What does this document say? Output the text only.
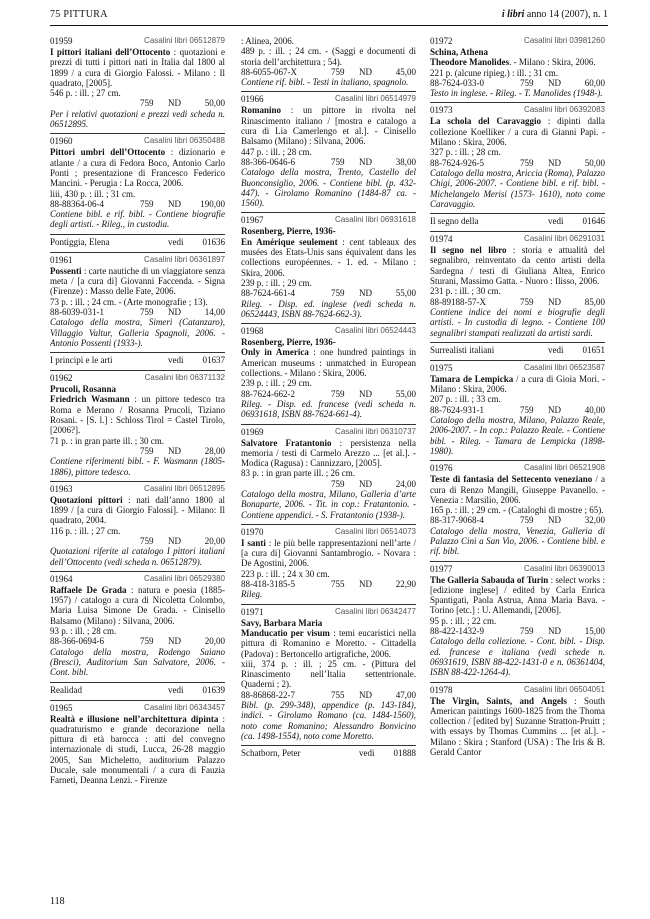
75 PITTURA	i libri anno 14 (2007), n. 1
01959	Casalini libri 06512879
I pittori italiani dell’Ottocento : quotazioni e prezzi di tutti i pittori nati in Italia dal 1800 al 1899 / a cura di Giorgio Falossi. - Milano : Il quadrato, [2005].
546 p. : ill. ; 27 cm.
759 ND	50,00
Per i relativi quotazioni e prezzi vedi scheda n. 06512895.
01960	Casalini libri 06350488
Pittori umbri dell’Ottocento : dizionario e atlante / a cura di Fedora Boco, Antonio Carlo Ponti ; presentazione di Francesco Federico Mancini. - Perugia : La Rocca, 2006.
liii, 430 p. : ill. ; 31 cm.
88-88364-06-4	759 ND 190,00
Contiene bibl. e rif. bibl. - Contiene biografie degli artisti. - Rileg., in custodia.
Pontiggia, Elena	vedi 01636
01961	Casalini libri 06361897
Possenti : carte nautiche di un viaggiatore senza meta / [a cura di] Giovanni Faccenda. - Signa (Firenze) : Masso delle Fate, 2006.
73 p. : ill. ; 24 cm. - (Arte monografie ; 13).
88-6039-031-1	759 ND	14,00
Catalogo della mostra, Simeri (Catanzaro), Villaggio Valtur, Galleria Spagnoli, 2006. - Antonio Possenti (1933-).
I principi e le arti	vedi 01637
01962	Casalini libri 06371132
Prucoli, Rosanna
Friedrich Wasmann : un pittore tedesco tra Roma e Merano / Rosanna Prucoli, Tiziano Rosani. - [S. l.] : Schloss Tirol = Castel Tirolo, [2006?].
71 p. : in gran parte ill. ; 30 cm.
759 ND	28,00
Contiene riferimenti bibl. - F. Wasmann (1805-1886), pittore tedesco.
01963	Casalini libri 06512895
Quotazioni pittori : nati dall’anno 1800 al 1899 / [a cura di Giorgio Falossi]. - Milano: Il quadrato, 2004.
116 p. : ill. ; 27 cm.
759 ND	20,00
Quotazioni riferite al catalogo I pittori italiani dell’Ottocento (vedi scheda n. 06512879).
01964	Casalini libri 06529380
Raffaele De Grada : natura e poesia (1885- 1957) / catalogo a cura di Nicoletta Colombo, Maria Luisa Simone De Grada. - Cinisello Balsamo (Milano) : Silvana, 2006.
93 p. : ill. ; 28 cm.
88-366-0694-6	759 ND	20,00
Catalogo della mostra, Rodengo Saiano (Bresci), Auditorium San Salvatore, 2006. - Cont. bibl.
Realidad	vedi 01639
01965	Casalini libri 06343457
Realtà e illusione nell’architettura dipinta : quadraturismo e grande decorazione nella pittura di età barocca : atti del convegno internazionale di studi, Lucca, 26-28 maggio 2005, San Micheletto, auditorium Palazzo Ducale, sale monumentali / a cura di Fauzia Farneti, Deanna Lenzi. - Firenze
: Alinea, 2006.
489 p. : ill. ; 24 cm. - (Saggi e documenti di storia dell’architettura ; 54).
88-6055-067-X	759 ND	45,00
Contiene rif. bibl. - Testi in italiano, spagnolo.
01966	Casalini libri 06514979
Romanino : un pittore in rivolta nel Rinascimento italiano / [mostra e catalogo a cura di Lia Camerlengo et al.]. - Cinisello Balsamo (Milano) : Silvana, 2006.
447 p. : ill. ; 28 cm.
88-366-0646-6	759 ND	38,00
Catalogo della mostra, Trento, Castello del Buonconsiglio, 2006. - Contiene bibl. (p. 432-447). - Girolamo Romanino (1484-87 ca. - 1560).
01967	Casalini libri 06931618
Rosenberg, Pierre, 1936-
En Amérique seulement : cent tableaux des musées des Etats-Unis sans équivalent dans les collections européennes. - 1. ed. - Milano : Skira, 2006.
239 p. : ill. ; 29 cm.
88-7624-661-4	759 ND	55,00
Rileg. - Disp. ed. inglese (vedi scheda n. 06524443, ISBN 88-7624-662-3).
01968	Casalini libri 06524443
Rosenberg, Pierre, 1936-
Only in America : one hundred paintings in American museums : unmatched in European collections. - Milano : Skira, 2006.
239 p. : ill. ; 29 cm.
88-7624-662-2	759 ND	55,00
Rileg. - Disp. ed. francese (vedi scheda n. 06931618, ISBN 88-7624-661-4).
01969	Casalini libri 06310737
Salvatore Fratantonio : persistenza nella memoria / testi di Carmelo Arezzo ... [et al.]. - Modica (Ragusa) : Cannizzaro, [2005].
83 p. : in gran parte ill. ; 26 cm.
759 ND	24,00
Catalogo della mostra, Milano, Galleria d’arte Bonaparte, 2006. - Tit. in cop.: Fratantonio. - Contiene appendici. - S. Fratantonio (1938-).
01970	Casalini libri 06514073
I santi : le più belle rappresentazioni nell’arte / [a cura di] Giovanni Santambrogio. - Novara : De Agostini, 2006.
223 p. : ill. ; 24 x 30 cm.
88-418-3185-5	755 ND	22,90
Rileg.
01971	Casalini libri 06342477
Savy, Barbara Maria
Manducatio per visum : temi eucaristici nella pittura di Romanino e Moretto. - Cittadella (Padova) : Bertoncello artigrafiche, 2006.
xiii, 374 p. : ill. ; 25 cm. - (Pittura del Rinascimento nell’Italia settentrionale. Quaderni ; 2).
88-86868-22-7	755 ND	47,00
Bibl. (p. 299-348), appendice (p. 143-184), indici. - Girolamo Romano (ca. 1484-1560), noto come Romanino; Alessandro Bonvicino (ca. 1498-1554), noto come Moretto.
Schatborn, Peter	vedi 01888
01972	Casalini libri 03981260
Schina, Athena
Theodore Manolides. - Milano : Skira, 2006.
221 p. (alcune ripieg.) : ill. ; 31 cm.
88-7624-033-0	759 ND	60,00
Testo in inglese. - Rileg. - T. Manolides (1948-).
01973	Casalini libri 06392083
La schola del Caravaggio : dipinti dalla collezione Koelliker / a cura di Gianni Papi. - Milano : Skira, 2006.
327 p. : ill. ; 28 cm.
88-7624-926-5	759 ND	50,00
Catalogo della mostra, Ariccia (Roma), Palazzo Chigi, 2006-2007. - Contiene bibl. e rif. bibl. - Michelangelo Merisi (1573- 1610), noto come Caravaggio.
Il segno della	vedi 01646
01974	Casalini libri 06291031
Il segno nel libro : storia e attualità del segnalibro, reinventato da cento artisti della Sardegna / testi di Giuliana Altea, Enrico Sturani, Massimo Gatta. - Nuoro : Ilisso, 2006.
231 p. : ill. ; 30 cm.
88-89188-57-X	759 ND	85,00
Contiene indice dei nomi e biografie degli artisti. - In custodia di legno. - Contiene 100 segnalibri stampati realizzati da artisti sardi.
Surrealisti italiani	vedi 01651
01975	Casalini libri 06523587
Tamara de Lempicka / a cura di Gioia Mori. - Milano : Skira, 2006.
207 p. : ill. ; 33 cm.
88-7624-931-1	759 ND	40,00
Catalogo della mostra, Milano, Palazzo Reale, 2006-2007. - In cop.: Palazzo Reale. - Contiene bibl. - Rileg. - Tamara de Lempicka (1898-1980).
01976	Casalini libri 06521908
Teste di fantasia del Settecento veneziano / a cura di Renzo Mangili, Giuseppe Pavanello. - Venezia : Marsilio, 2006.
165 p. : ill. ; 29 cm. - (Cataloghi di mostre ; 65).
88-317-9068-4	759 ND	32,00
Catalogo della mostra, Venezia, Galleria di Palazzo Cini a San Vio, 2006. - Contiene bibl. e rif. bibl.
01977	Casalini libri 06390013
The Galleria Sabauda of Turin : select works : [edizione inglese] / edited by Carla Enrica Spantigati, Paola Astrua, Anna Maria Bava. - Torino [etc.] : U. Allemandi, [2006].
95 p. : ill. ; 22 cm.
88-422-1432-9	759 ND	15,00
Catalogo della collezione. - Cont. bibl. - Disp. ed. francese e italiana (vedi schede n. 06931619, ISBN 88-422-1431-0 e n. 06361404, ISBN 88-422-1264-4).
01978	Casalini libri 06504051
The Virgin, Saints, and Angels : South American paintings 1600-1825 from the Thoma collection / [edited by] Suzanne Stratton-Pruitt ; with essays by Thomas Cummins ... [et al.]. - Milano : Skira ; Stanford (USA) : The Iris & B. Gerald Cantor
118
